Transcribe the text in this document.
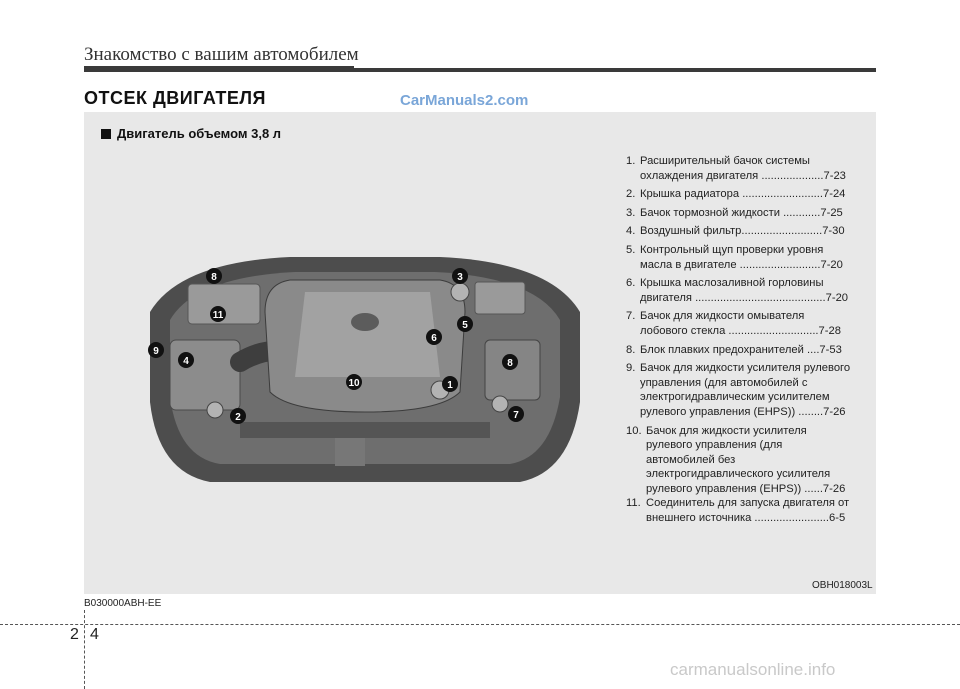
Знакомство с вашим автомобилем
ОТСЕК ДВИГАТЕЛЯ	CarManuals2.com
Двигатель объемом 3,8 л
8	3
11
5
6
9
4	8
10	1
2	7
1. Расширительный бачок системы
охлаждения двигателя ....................7-23
2. Крышка радиатора ..........................7-24
3. Бачок тормозной жидкости ............7-25
4. Воздушный фильтр..........................7-30
5. Контрольный щуп проверки уровня
масла в двигателе ..........................7-20
6. Крышка маслозаливной горловины
двигателя ..........................................7-20
7. Бачок для жидкости омывателя
лобового стекла .............................7-28
8. Блок плавких предохранителей ....7-53
9. Бачок для жидкости усилителя рулевого
управления (для автомобилей с
электрогидравлическим усилителем
рулевого управления (EHPS)) ........7-26
10. Бачок для жидкости усилителя
рулевого управления (для
автомобилей без
электрогидравлического усилителя
рулевого управления (EHPS)) ......7-26
11. Соединитель для запуска двигателя от
внешнего источника ........................6-5
OBH018003L
B030000ABH-EE
2 4
carmanualsonline.info
